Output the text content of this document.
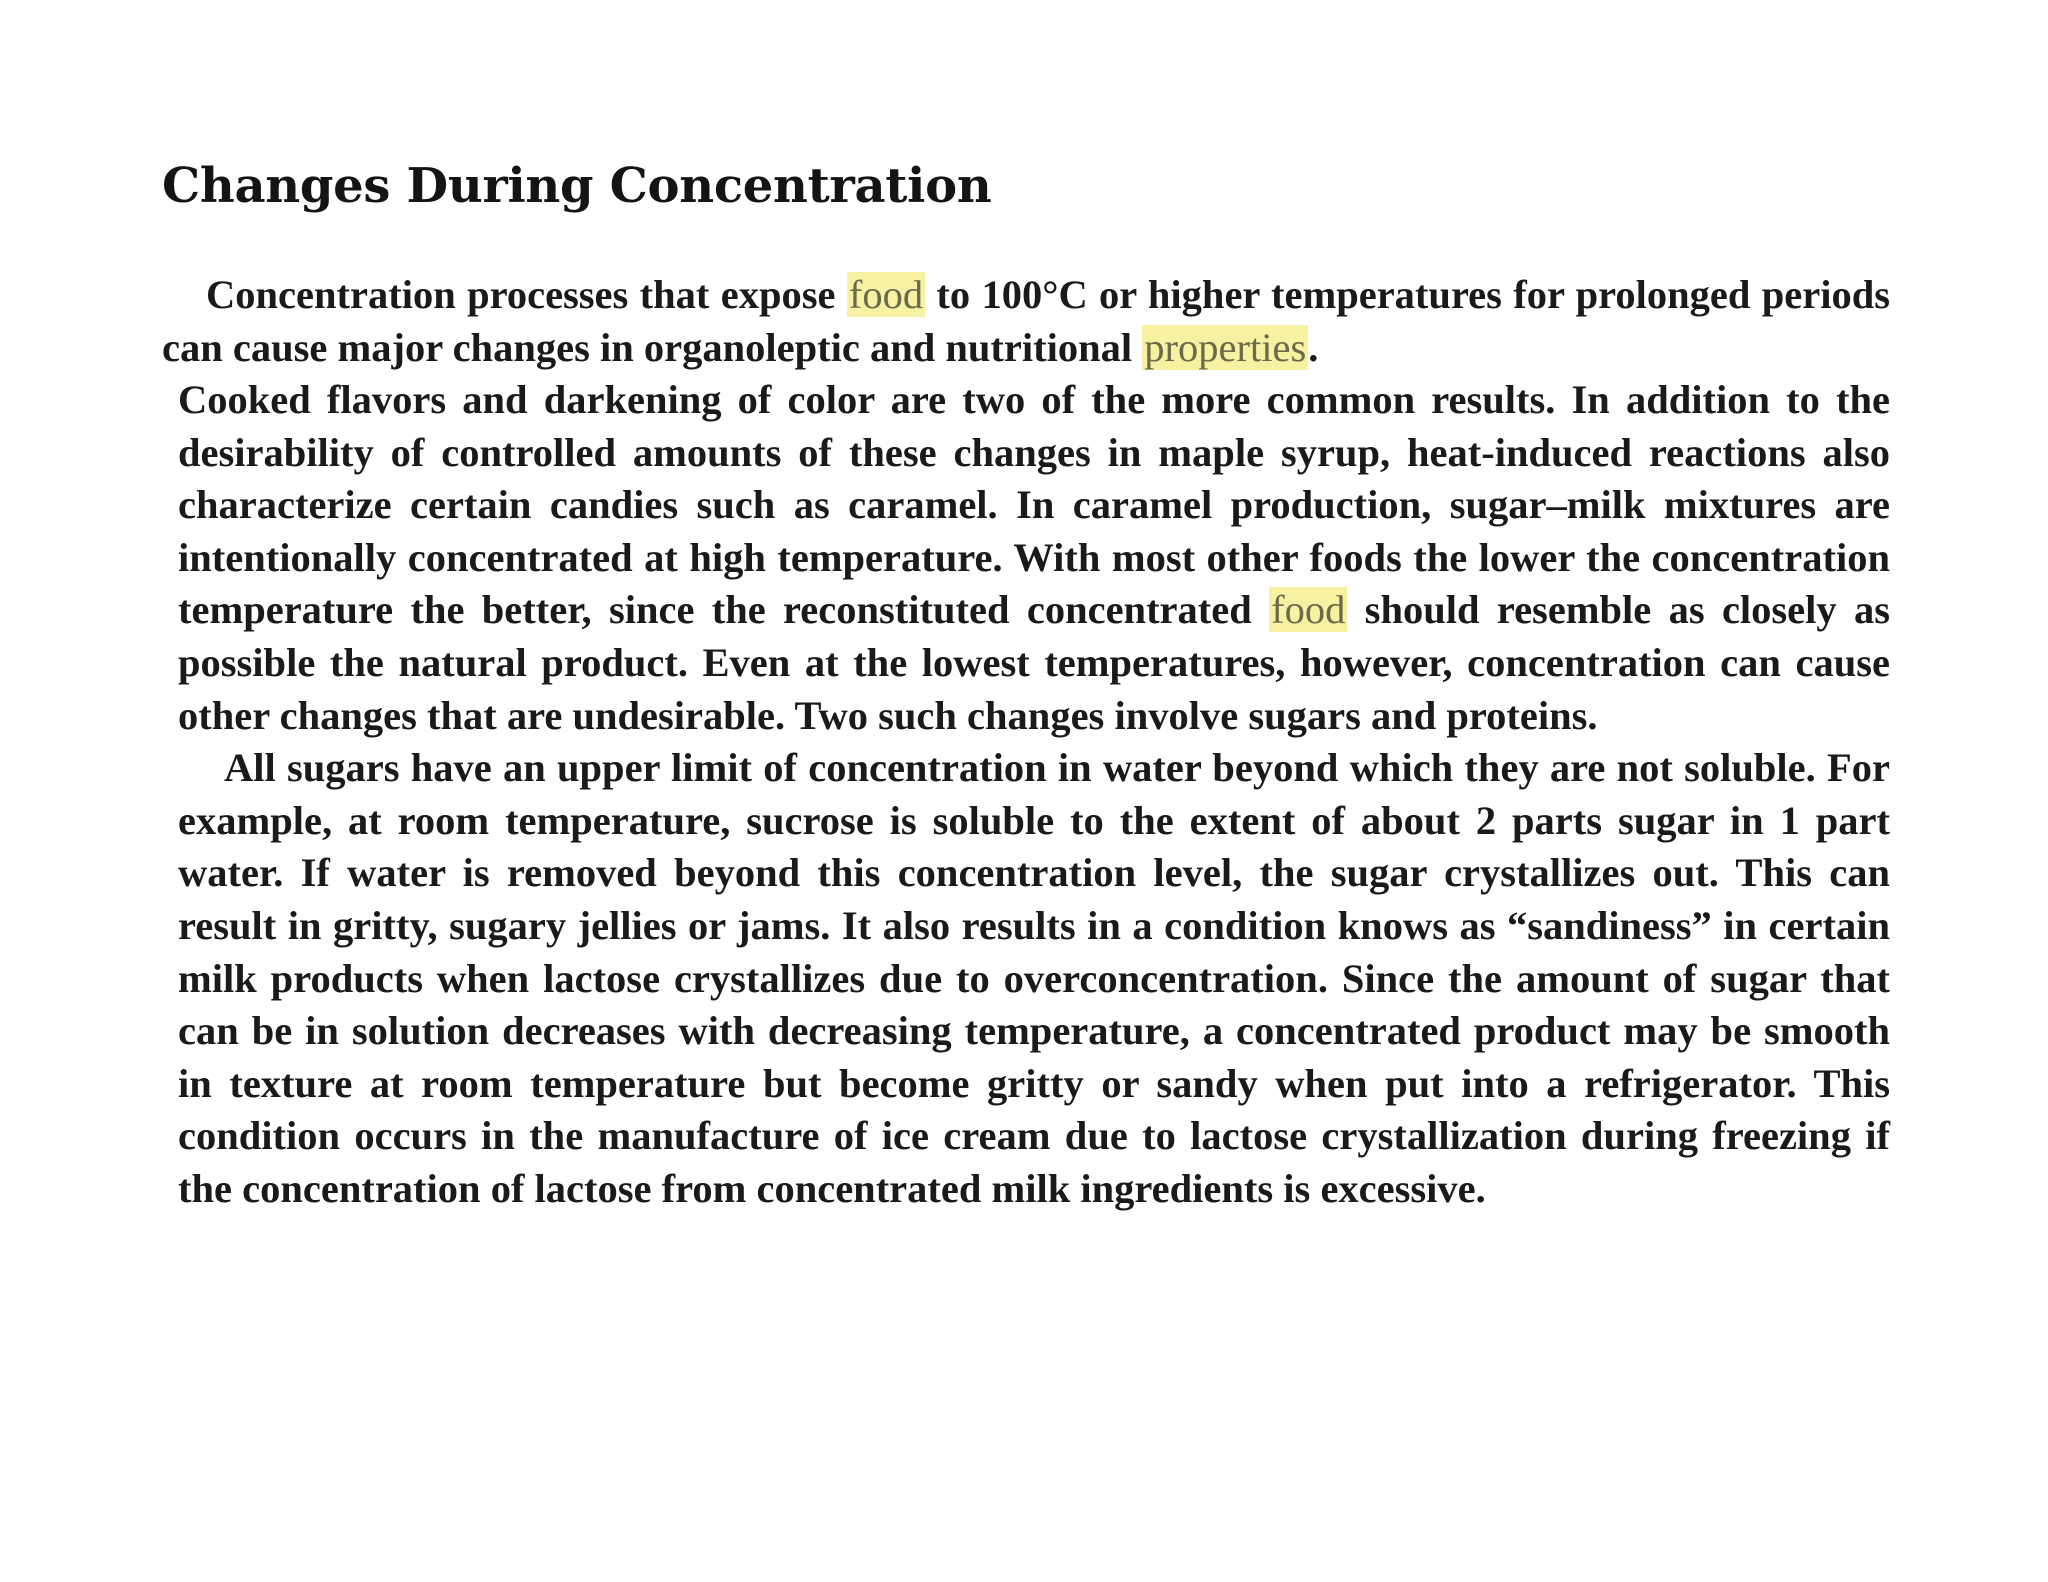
Changes During Concentration

Concentration processes that expose food to 100°C or higher temperatures for prolonged periods can cause major changes in organoleptic and nutritional properties.

Cooked flavors and darkening of color are two of the more common results. In addition to the desirability of controlled amounts of these changes in maple syrup, heat-induced reactions also characterize certain candies such as caramel. In caramel production, sugar–milk mixtures are intentionally concentrated at high temperature. With most other foods the lower the concentration temperature the better, since the reconstituted concentrated food should resemble as closely as possible the natural product. Even at the lowest temperatures, however, concentration can cause other changes that are undesirable. Two such changes involve sugars and proteins.

All sugars have an upper limit of concentration in water beyond which they are not soluble. For example, at room temperature, sucrose is soluble to the extent of about 2 parts sugar in 1 part water. If water is removed beyond this concentration level, the sugar crystallizes out. This can result in gritty, sugary jellies or jams. It also results in a condition knows as “sandiness” in certain milk products when lactose crystallizes due to overconcentration. Since the amount of sugar that can be in solution decreases with decreasing temperature, a concentrated product may be smooth in texture at room temperature but become gritty or sandy when put into a refrigerator. This condition occurs in the manufacture of ice cream due to lactose crystallization during freezing if the concentration of lactose from concentrated milk ingredients is excessive.
